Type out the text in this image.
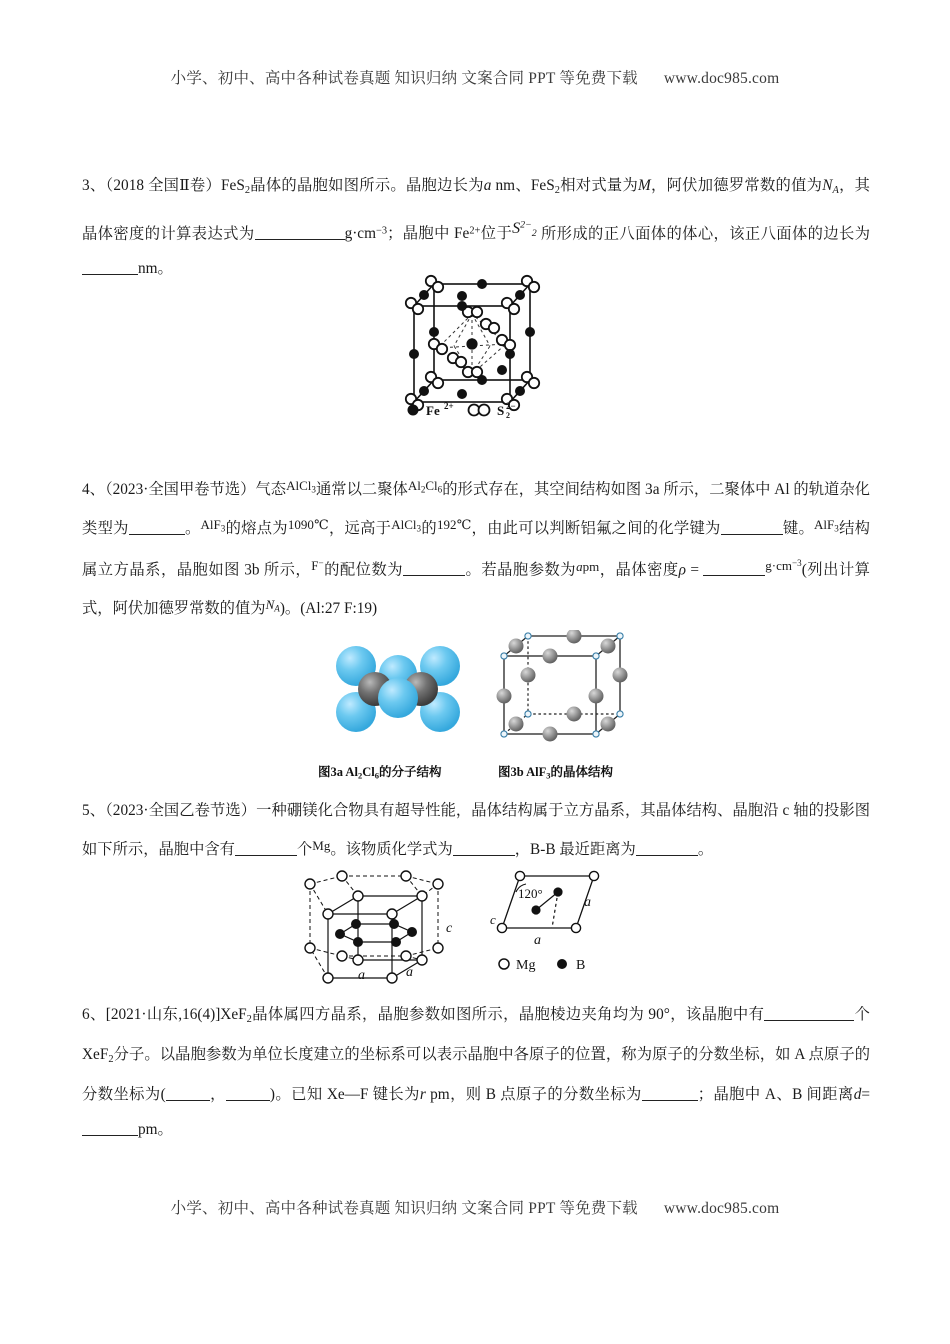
小学、初中、高中各种试卷真题 知识归纳 文案合同 PPT 等免费下载 www.doc985.com

3、（2018 全国Ⅱ卷）FeS$_2$晶体的晶胞如图所示。晶胞边长为a nm、FeS$_2$相对式量为M，阿伏加德罗常数的值为$N_A$，其晶体密度的计算表达式为	$g\cdot cm^{-3}$；晶胞中 $Fe^{2+}$位于$S^{2-}2$ 所形成的正八面体的体心，该正八面体的边长为nm。

Fe 2+	S 2
2−

4、（2023·全国甲卷节选）气态$^{AlCl_3}$通常以二聚体$^{Al_2Cl_6}$的形式存在，其空间结构如图 3a 所示，二聚体中 Al 的轨道杂化类型为	。$^{AlF_3}$的熔点为$^{1090℃}$，远高于$^{AlCl_3}$的$^{192℃}$，由此可以判断铝氟之间的化学键为	键。$^{AlF_3}$结构属立方晶系，晶胞如图 3b 所示，$^{F^-}$的配位数为	。若晶胞参数为$^{apm}$，晶体密度ρ =	$^{g\cdot cm^{-3}}$(列出计算式，阿伏加德罗常数的值为$^{N_A}$)。(Al:27 F:19)

图3a $Al_2Cl_6$的分子结构	图3b AlF$_3$的晶体结构

5、（2023·全国乙卷节选）一种硼镁化合物具有超导性能，晶体结构属于立方晶系，其晶体结构、晶胞沿 c 轴的投影图如下所示，晶胞中含有	个$^{Mg}$。该物质化学式为	，B-B 最近距离为	。

c
a	a
120°
a
a
c
Mg	B

6、[2021·山东,16(4)]XeF$_2$晶体属四方晶系，晶胞参数如图所示，晶胞棱边夹角均为 90°，该晶胞中有	个 XeF$_2$分子。以晶胞参数为单位长度建立的坐标系可以表示晶胞中各原子的位置，称为原子的分数坐标，如 A 点原子的分数坐标为(	，	)。已知 Xe—F 键长为r pm，则 B 点原子的分数坐标为	；晶胞中 A、B 间距离d=pm。

小学、初中、高中各种试卷真题 知识归纳 文案合同 PPT 等免费下载 www.doc985.com
